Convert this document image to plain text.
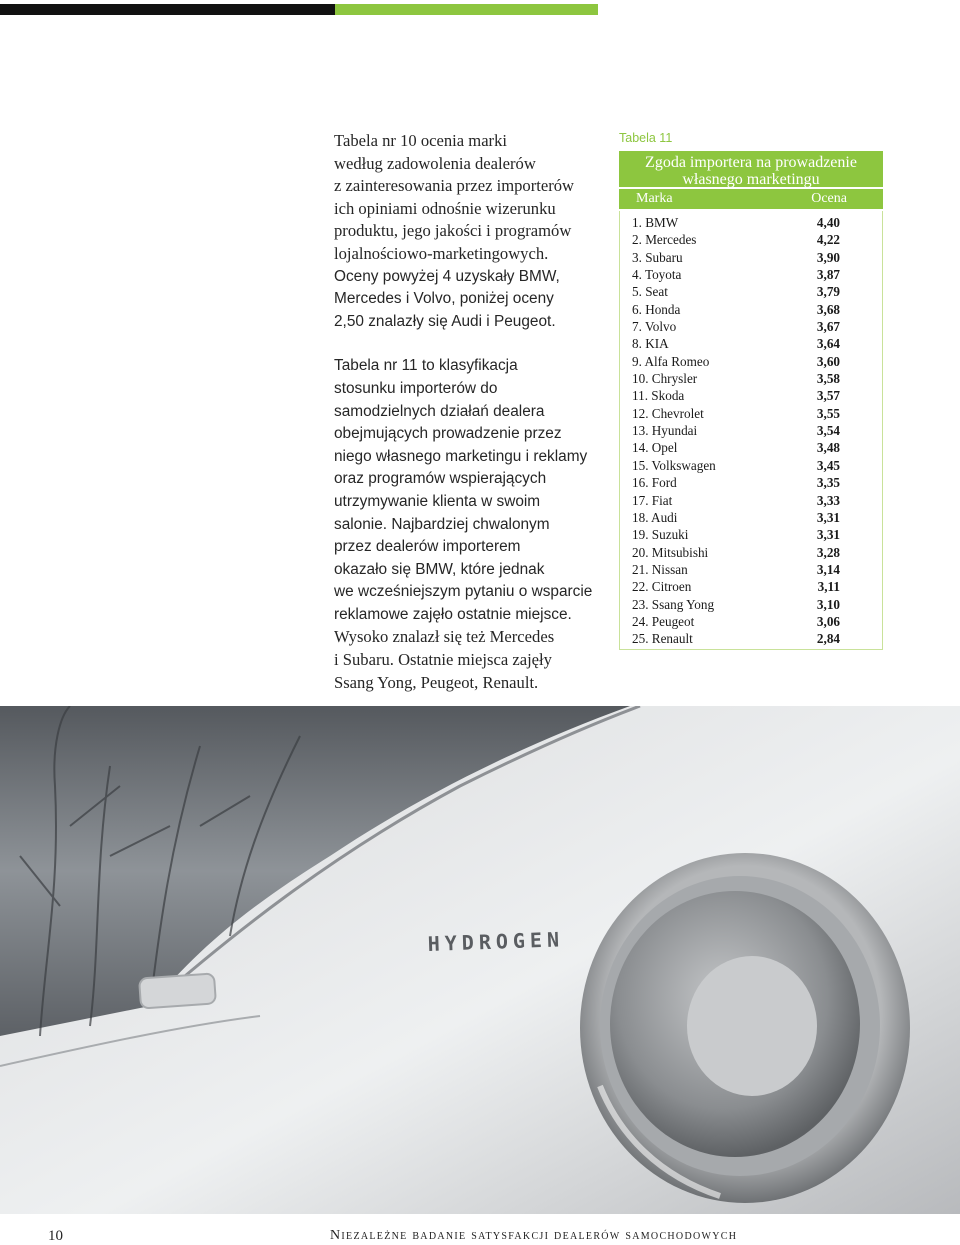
Tabela nr 10 ocenia marki
według zadowolenia dealerów
z zainteresowania przez importerów
ich opiniami odnośnie wizerunku
produktu, jego jakości i programów
lojalnościowo-marketingowych.
Oceny powyżej 4 uzyskały BMW,
Mercedes i Volvo, poniżej oceny
2,50 znalazły się Audi i Peugeot.

Tabela nr 11 to klasyfikacja
stosunku importerów do
samodzielnych działań dealera
obejmujących prowadzenie przez
niego własnego marketingu i reklamy
oraz programów wspierających
utrzymywanie klienta w swoim
salonie. Najbardziej chwalonym
przez dealerów importerem
okazało się BMW, które jednak
we wcześniejszym pytaniu o wsparcie
reklamowe zajęło ostatnie miejsce.
Wysoko znalazł się też Mercedes
i Subaru. Ostatnie miejsca zajęły
Ssang Yong, Peugeot, Renault.

Tabela 11
Zgoda importera na prowadzenie
własnego marketingu
Marka	Ocena
1. BMW	4,40
2. Mercedes	4,22
3. Subaru	3,90
4. Toyota	3,87
5. Seat	3,79
6. Honda	3,68
7. Volvo	3,67
8. KIA	3,64
9. Alfa Romeo	3,60
10. Chrysler	3,58
11. Skoda	3,57
12. Chevrolet	3,55
13. Hyundai	3,54
14. Opel	3,48
15. Volkswagen	3,45
16. Ford	3,35
17. Fiat	3,33
18. Audi	3,31
19. Suzuki	3,31
20. Mitsubishi	3,28
21. Nissan	3,14
22. Citroen	3,11
23. Ssang Yong	3,10
24. Peugeot	3,06
25. Renault	2,84
HYDROGEN
10	Niezależne badanie satysfakcji dealerów samochodowych
